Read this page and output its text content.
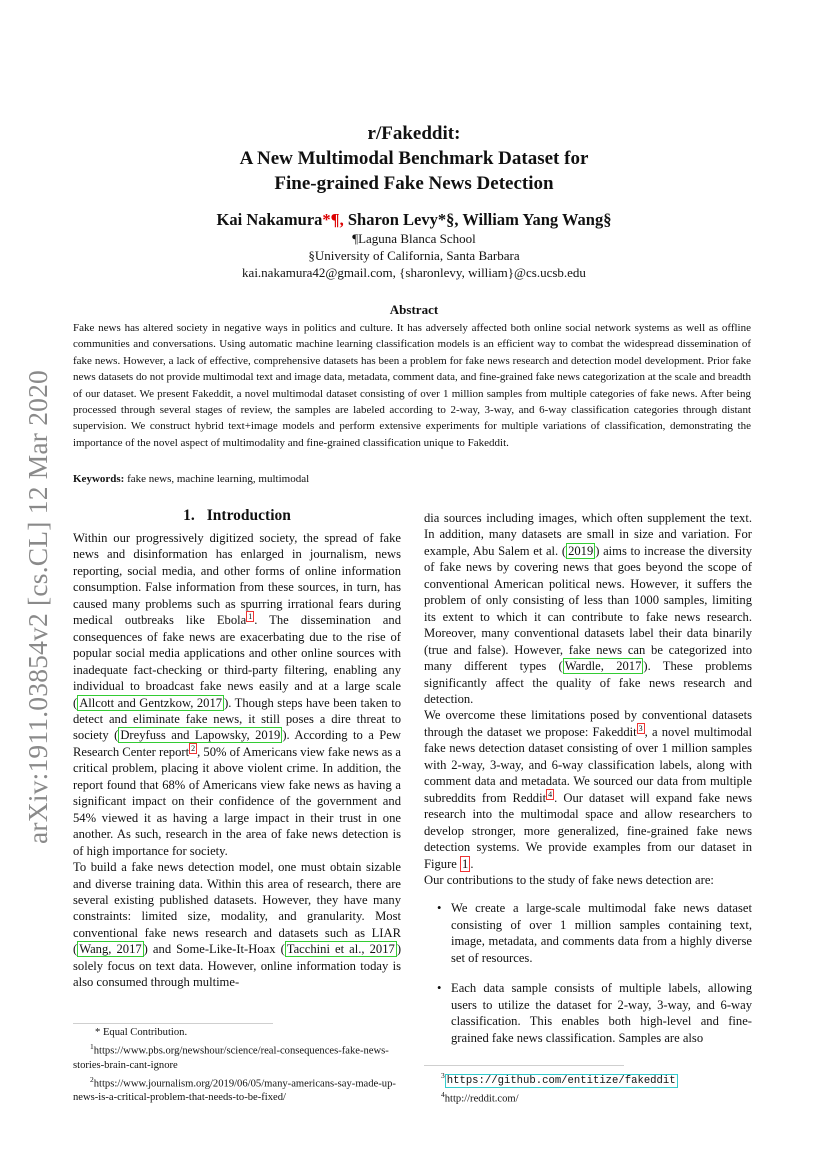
arXiv:1911.03854v2 [cs.CL] 12 Mar 2020
r/Fakeddit:
A New Multimodal Benchmark Dataset for
Fine-grained Fake News Detection
Kai Nakamura*¶, Sharon Levy*§, William Yang Wang§
¶Laguna Blanca School
§University of California, Santa Barbara
kai.nakamura42@gmail.com, {sharonlevy, william}@cs.ucsb.edu
Abstract
Fake news has altered society in negative ways in politics and culture. It has adversely affected both online social network systems as well as offline communities and conversations. Using automatic machine learning classification models is an efficient way to combat the widespread dissemination of fake news. However, a lack of effective, comprehensive datasets has been a problem for fake news research and detection model development. Prior fake news datasets do not provide multimodal text and image data, metadata, comment data, and fine-grained fake news categorization at the scale and breadth of our dataset. We present Fakeddit, a novel multimodal dataset consisting of over 1 million samples from multiple categories of fake news. After being processed through several stages of review, the samples are labeled according to 2-way, 3-way, and 6-way classification categories through distant supervision. We construct hybrid text+image models and perform extensive experiments for multiple variations of classification, demonstrating the importance of the novel aspect of multimodality and fine-grained classification unique to Fakeddit.
Keywords: fake news, machine learning, multimodal
1. Introduction

Within our progressively digitized society, the spread of fake news and disinformation has enlarged in journalism, news reporting, social media, and other forms of online information consumption. False information from these sources, in turn, has caused many problems such as spurring irrational fears during medical outbreaks like Ebola $^1$ . The dissemination and consequences of fake news are exacerbating due to the rise of popular social media applications and other online sources with inadequate fact-checking or third-party filtering, enabling any individual to broadcast fake news easily and at a large scale ( Allcott and Gentzkow, 2017 ). Though steps have been taken to detect and eliminate fake news, it still poses a dire threat to society ( Dreyfuss and Lapowsky, 2019 ). According to a Pew Research Center report $^2$ , 50% of Americans view fake news as a critical problem, placing it above violent crime. In addition, the report found that 68% of Americans view fake news as having a significant impact on their confidence of the government and 54% viewed it as having a large impact in their trust in one another. As such, research in the area of fake news detection is of high importance for society.

To build a fake news detection model, one must obtain sizable and diverse training data. Within this area of research, there are several existing published datasets. However, they have many constraints: limited size, modality, and granularity. Most conventional fake news research and datasets such as LIAR ( Wang, 2017 ) and Some-Like-It-Hoax ( Tacchini et al., 2017 ) solely focus on text data. However, online information today is also consumed through multime-

dia sources including images, which often supplement the text. In addition, many datasets are small in size and variation. For example, Abu Salem et al. ( 2019 ) aims to increase the diversity of fake news by covering news that goes beyond the scope of conventional American political news. However, it suffers the problem of only consisting of less than 1000 samples, limiting its extent to which it can contribute to fake news research. Moreover, many conventional datasets label their data binarily (true and false). However, fake news can be categorized into many different types ( Wardle, 2017 ). These problems significantly affect the quality of fake news research and detection.

We overcome these limitations posed by conventional datasets through the dataset we propose: Fakeddit $^3$ , a novel multimodal fake news detection dataset consisting of over 1 million samples with 2-way, 3-way, and 6-way classification labels, along with comment data and metadata. We sourced our data from multiple subreddits from Reddit $^4$ . Our dataset will expand fake news research into the multimodal space and allow researchers to develop stronger, more generalized, fine-grained fake news detection systems. We provide examples from our dataset in Figure 1 .

Our contributions to the study of fake news detection are:

• We create a large-scale multimodal fake news dataset consisting of over 1 million samples containing text, image, metadata, and comments data from a highly diverse set of resources.
• Each data sample consists of multiple labels, allowing users to utilize the dataset for 2-way, 3-way, and 6-way classification. This enables both high-level and fine-grained fake news classification. Samples are also

* Equal Contribution.

$^1$https://www.pbs.org/newshour/science/real-consequences-fake-news-stories-brain-cant-ignore

$^2$https://www.journalism.org/2019/06/05/many-americans-say-made-up-news-is-a-critical-problem-that-needs-to-be-fixed/

$^3$ https://github.com/entitize/fakeddit

$^4$http://reddit.com/
